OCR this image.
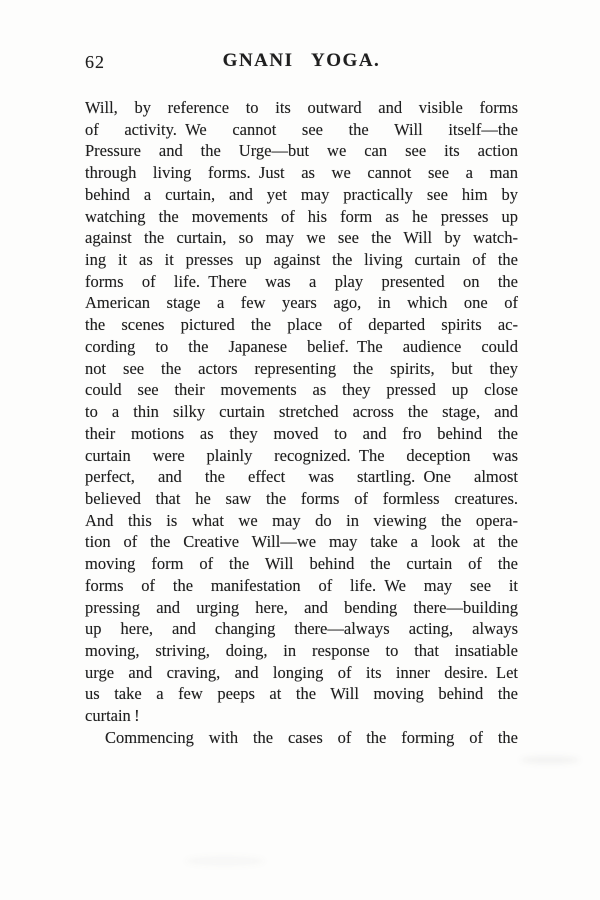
62	GNANI YOGA.
Will, by reference to its outward and visible forms
of activity. We cannot see the Will itself—the
Pressure and the Urge—but we can see its action
through living forms. Just as we cannot see a man
behind a curtain, and yet may practically see him by
watching the movements of his form as he presses up
against the curtain, so may we see the Will by watch-
ing it as it presses up against the living curtain of the
forms of life. There was a play presented on the
American stage a few years ago, in which one of
the scenes pictured the place of departed spirits ac-
cording to the Japanese belief. The audience could
not see the actors representing the spirits, but they
could see their movements as they pressed up close
to a thin silky curtain stretched across the stage, and
their motions as they moved to and fro behind the
curtain were plainly recognized. The deception was
perfect, and the effect was startling. One almost
believed that he saw the forms of formless creatures.
And this is what we may do in viewing the opera-
tion of the Creative Will—we may take a look at the
moving form of the Will behind the curtain of the
forms of the manifestation of life. We may see it
pressing and urging here, and bending there—building
up here, and changing there—always acting, always
moving, striving, doing, in response to that insatiable
urge and craving, and longing of its inner desire. Let
us take a few peeps at the Will moving behind the
curtain !
Commencing with the cases of the forming of the
